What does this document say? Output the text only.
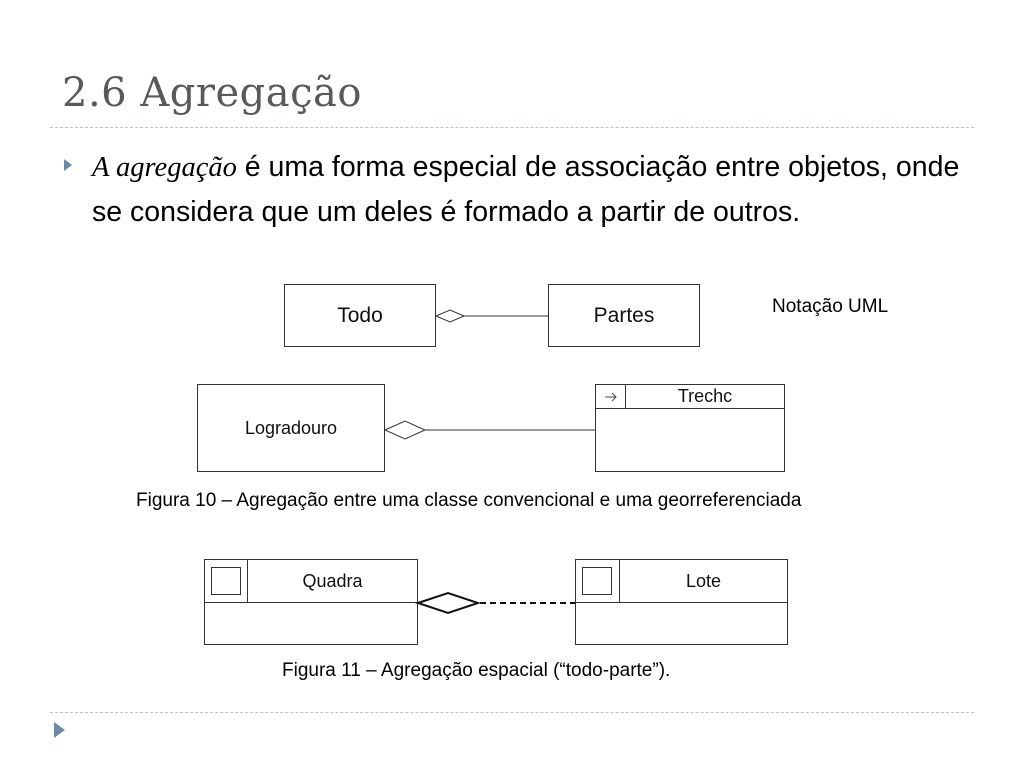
2.6 Agregação
A agregação é uma forma especial de associação entre objetos, onde se considera que um deles é formado a partir de outros.
Todo	Partes	Notação UML
Logradouro
Trechc
Figura 10 – Agregação entre uma classe convencional e uma georreferenciada
Quadra	Lote
Figura 11 – Agregação espacial (“todo-parte”).
